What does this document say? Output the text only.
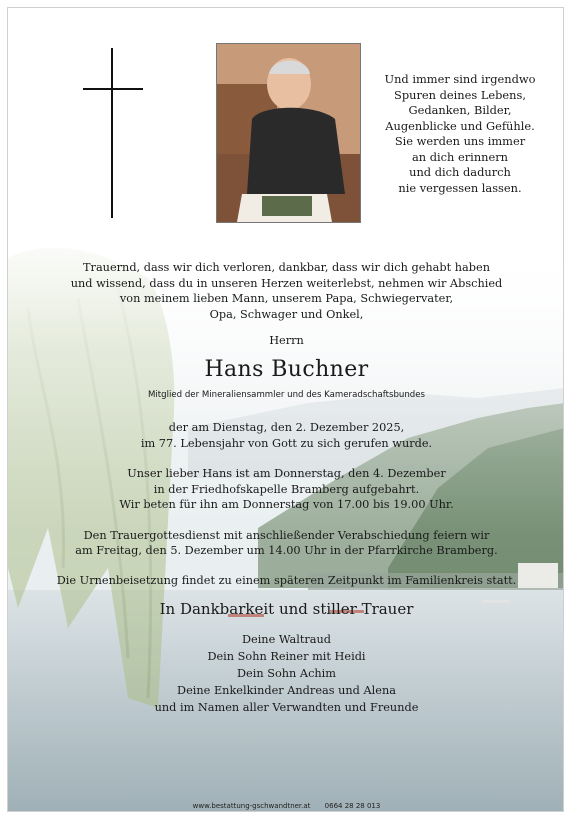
Und immer sind irgendwo
Spuren deines Lebens,
Gedanken, Bilder,
Augenblicke und Gefühle.
Sie werden uns immer
an dich erinnern
und dich dadurch
nie vergessen lassen.
Trauernd, dass wir dich verloren, dankbar, dass wir dich gehabt haben
und wissend, dass du in unseren Herzen weiterlebst, nehmen wir Abschied
von meinem lieben Mann, unserem Papa, Schwiegervater,
Opa, Schwager und Onkel,
Herrn
Hans Buchner
Mitglied der Mineraliensammler und des Kameradschaftsbundes
der am Dienstag, den 2. Dezember 2025,
im 77. Lebensjahr von Gott zu sich gerufen wurde.
Unser lieber Hans ist am Donnerstag, den 4. Dezember
in der Friedhofskapelle Bramberg aufgebahrt.
Wir beten für ihn am Donnerstag von 17.00 bis 19.00 Uhr.
Den Trauergottesdienst mit anschließender Verabschiedung feiern wir
am Freitag, den 5. Dezember um 14.00 Uhr in der Pfarrkirche Bramberg.
Die Urnenbeisetzung findet zu einem späteren Zeitpunkt im Familienkreis statt.
In Dankbarkeit und stiller Trauer
Deine Waltraud
Dein Sohn Reiner mit Heidi
Dein Sohn Achim
Deine Enkelkinder Andreas und Alena
und im Namen aller Verwandten und Freunde
www.bestattung-gschwandtner.at 0664 28 28 013
